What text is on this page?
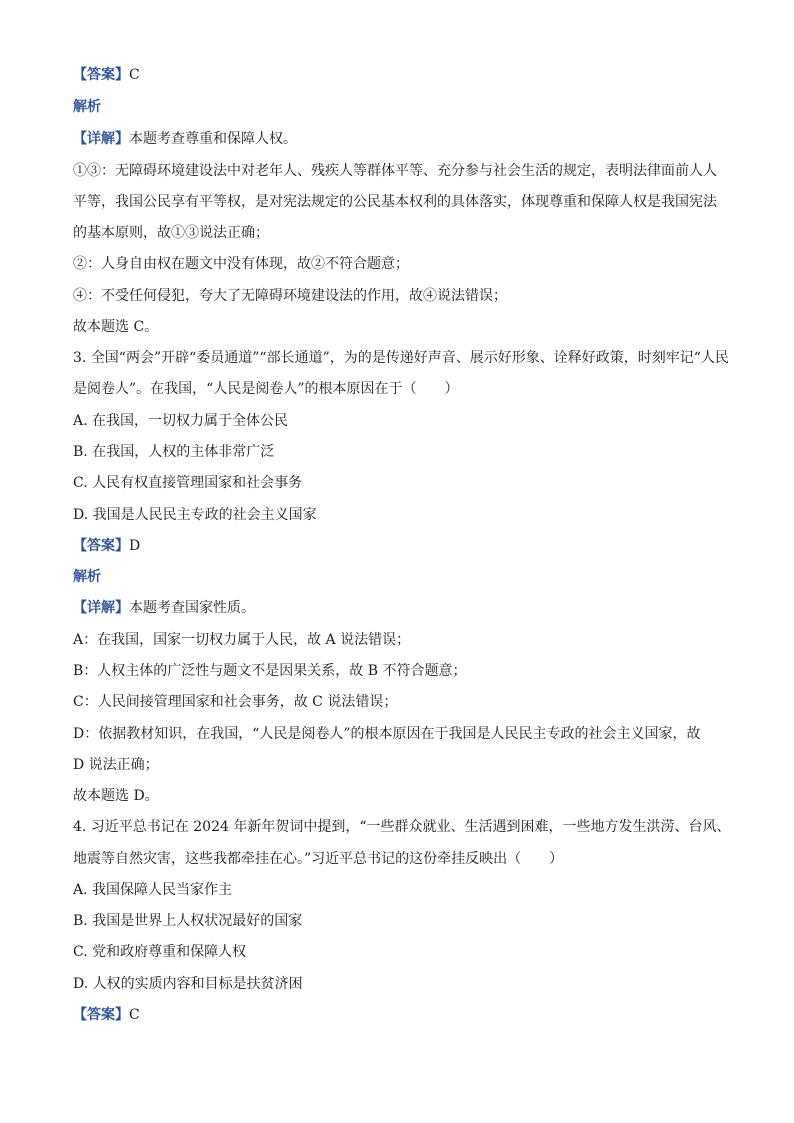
【答案】C
解析
【详解】本题考查尊重和保障人权。
①③：无障碍环境建设法中对老年人、残疾人等群体平等、充分参与社会生活的规定，表明法律面前人人
平等，我国公民享有平等权，是对宪法规定的公民基本权利的具体落实，体现尊重和保障人权是我国宪法
的基本原则，故①③说法正确；
②：人身自由权在题文中没有体现，故②不符合题意；
④：不受任何侵犯，夸大了无障碍环境建设法的作用，故④说法错误；
故本题选 C。
3. 全国“两会”开辟“委员通道”“部长通道”，为的是传递好声音、展示好形象、诠释好政策，时刻牢记“人民
是阅卷人”。在我国，“人民是阅卷人”的根本原因在于（　　）
A. 在我国，一切权力属于全体公民
B. 在我国，人权的主体非常广泛
C. 人民有权直接管理国家和社会事务
D. 我国是人民民主专政的社会主义国家
【答案】D
解析
【详解】本题考查国家性质。
A：在我国，国家一切权力属于人民，故 A 说法错误；
B：人权主体的广泛性与题文不是因果关系，故 B 不符合题意；
C：人民间接管理国家和社会事务，故 C 说法错误；
D：依据教材知识，在我国，“人民是阅卷人”的根本原因在于我国是人民民主专政的社会主义国家，故
D 说法正确；
故本题选 D。
4. 习近平总书记在 2024 年新年贺词中提到，“一些群众就业、生活遇到困难，一些地方发生洪涝、台风、
地震等自然灾害，这些我都牵挂在心。”习近平总书记的这份牵挂反映出（　　）
A. 我国保障人民当家作主
B. 我国是世界上人权状况最好的国家
C. 党和政府尊重和保障人权
D. 人权的实质内容和目标是扶贫济困
【答案】C
